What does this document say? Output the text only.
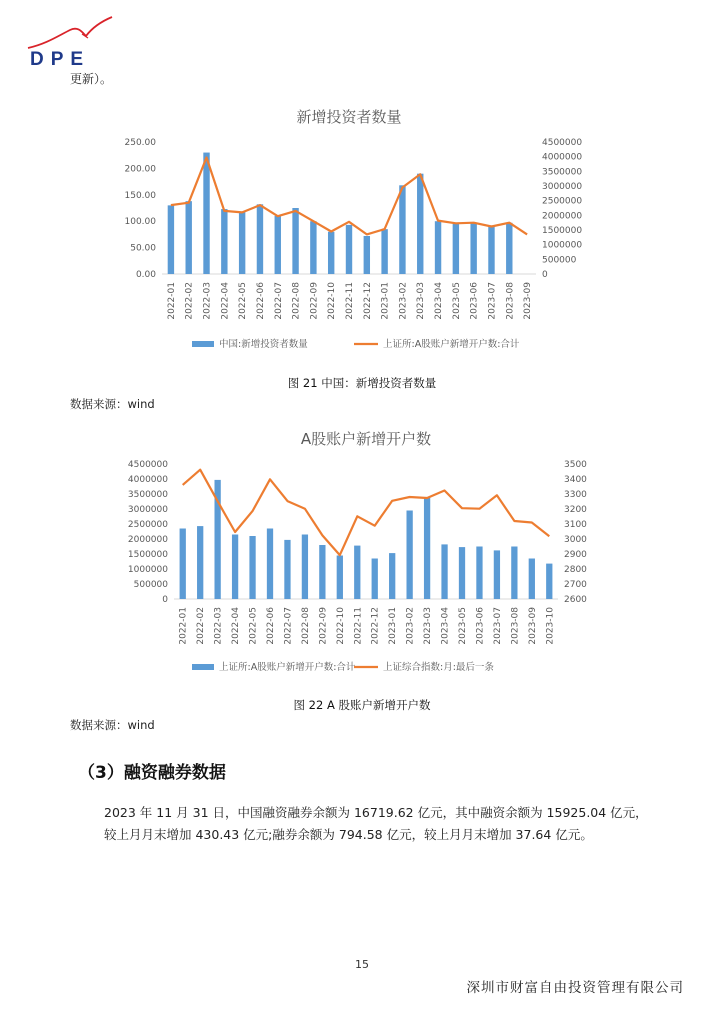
DPE
更新）。
新增投资者数量
0.00
50.00
100.00
150.00
200.00
250.00
0
500000
1000000
1500000
2000000
2500000
3000000
3500000
4000000
4500000
2022-01 2022-02 2022-03 2022-04 2022-05 2022-06 2022-07 2022-08 2022-09 2022-10 2022-11 2022-12 2023-01 2023-02 2023-03 2023-04 2023-05 2023-06 2023-07 2023-08 2023-09
中国:新增投资者数量	上证所:A股账户新增开户数:合计
图 21 中国：新增投资者数量
数据来源：wind
A股账户新增开户数
0
500000
1000000
1500000
2000000
2500000
3000000
3500000
4000000
4500000
2600
2700
2800
2900
3000
3100
3200
3300
3400
3500
2022-01 2022-02 2022-03 2022-04 2022-05 2022-06 2022-07 2022-08 2022-09 2022-10 2022-11 2022-12 2023-01 2023-02 2023-03 2023-04 2023-05 2023-06 2023-07 2023-08 2023-09 2023-10
上证所:A股账户新增开户数:合计	上证综合指数:月:最后一条
图 22 A 股账户新增开户数
数据来源：wind
（3）融资融券数据
2023 年 11 月 31 日，中国融资融券余额为 16719.62 亿元，其中融资余额为 15925.04 亿元，较上月月末增加 430.43 亿元;融券余额为 794.58 亿元，较上月月末增加 37.64 亿元。
15
深圳市财富自由投资管理有限公司
